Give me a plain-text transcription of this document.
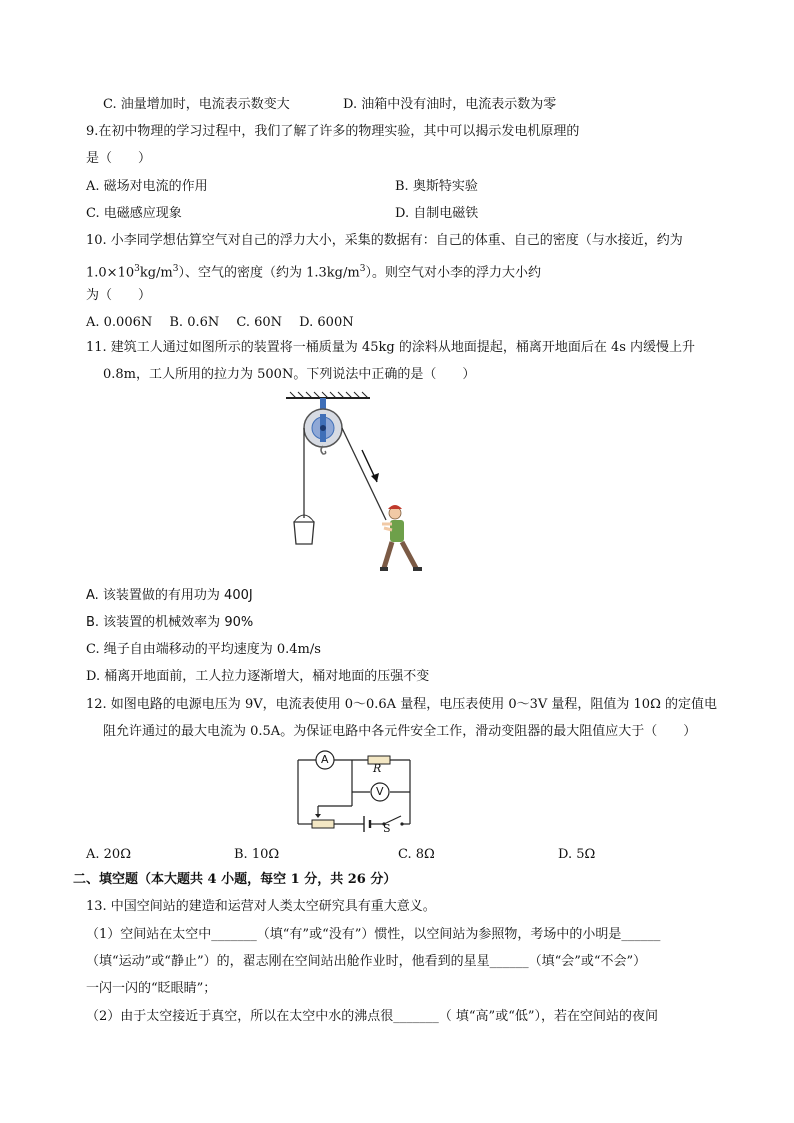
C. 油量增加时，电流表示数变大	D. 油箱中没有油时，电流表示数为零
9.在初中物理的学习过程中，我们了解了许多的物理实验，其中可以揭示发电机原理的
是（　　）
A. 磁场对电流的作用	B. 奥斯特实验
C. 电磁感应现象	D. 自制电磁铁
10. 小李同学想估算空气对自己的浮力大小，采集的数据有：自己的体重、自己的密度（与水接近，约为
$1.0\times 10^3kg/m^3$）、空气的密度（约为 $1.3kg/m^3$）。则空气对小李的浮力大小约
为（　　）
A. 0.006N　 B. 0.6N　 C. 60N　 D. 600N
11. 建筑工人通过如图所示的装置将一桶质量为 45kg 的涂料从地面提起，桶离开地面后在 4s 内缓慢上升
0.8m，工人所用的拉力为 500N。下列说法中正确的是（　　）
A. 该装置做的有用功为 400J
B. 该装置的机械效率为 90%
C. 绳子自由端移动的平均速度为 0.4m/s
D. 桶离开地面前，工人拉力逐渐增大，桶对地面的压强不变
12. 如图电路的电源电压为 9V，电流表使用 0～0.6A 量程，电压表使用 0～3V 量程，阻值为 10Ω 的定值电
阻允许通过的最大电流为 0.5A。为保证电路中各元件安全工作，滑动变阻器的最大阻值应大于（　　）
A
R
V
S
A. 20Ω	B. 10Ω	C. 8Ω	D. 5Ω
二、填空题（本大题共 4 小题，每空 1 分，共 26 分）
13. 中国空间站的建造和运营对人类太空研究具有重大意义。
（1）空间站在太空中_______（填“有”或“没有”）惯性，以空间站为参照物，考场中的小明是______
（填“运动”或“静止”）的，翟志刚在空间站出舱作业时，他看到的星星______（填“会”或“不会”）
一闪一闪的“眨眼睛”；
（2）由于太空接近于真空，所以在太空中水的沸点很_______（ 填“高”或“低”），若在空间站的夜间
